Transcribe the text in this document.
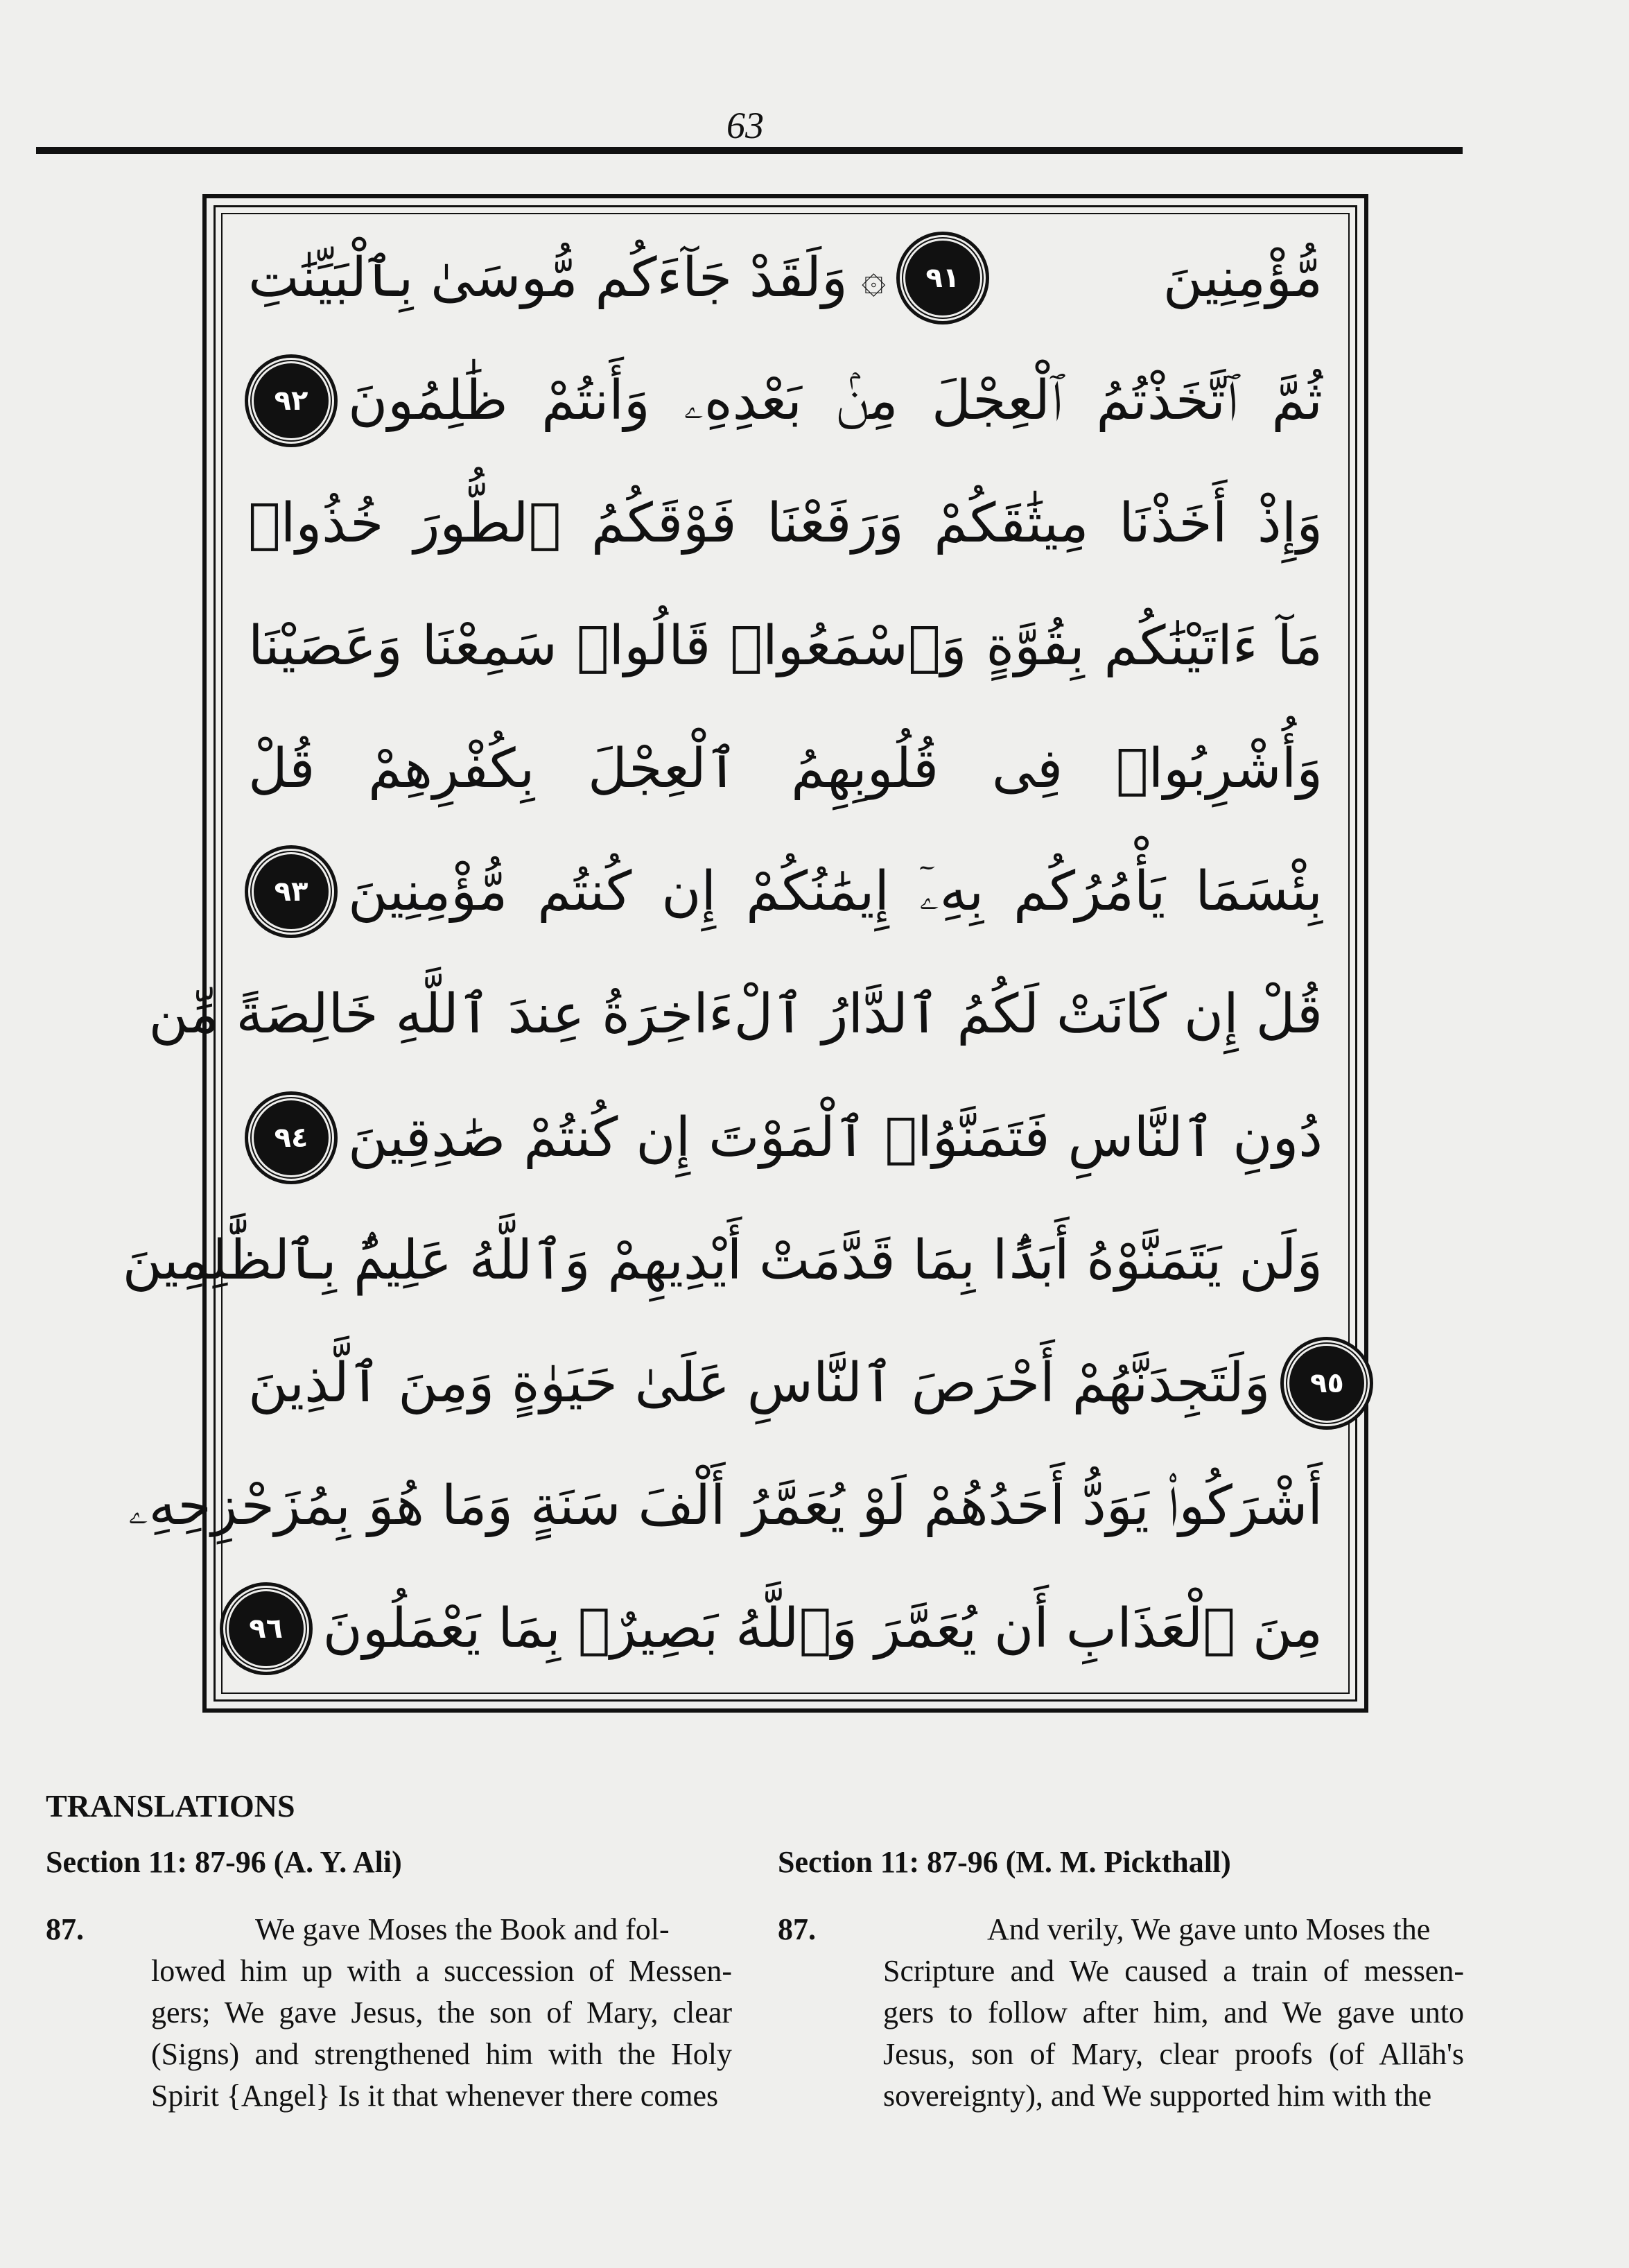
63
مُّؤْمِنِينَ
٩١
۞
وَلَقَدْ جَآءَكُم مُّوسَىٰ بِٱلْبَيِّنَٰتِ
ثُمَّ ٱتَّخَذْتُمُ ٱلْعِجْلَ مِنۢ بَعْدِهِۦ وَأَنتُمْ ظَٰلِمُونَ
٩٢
وَإِذْ أَخَذْنَا مِيثَٰقَكُمْ وَرَفَعْنَا فَوْقَكُمُ ٱلطُّورَ خُذُوا۟
مَآ ءَاتَيْنَٰكُم بِقُوَّةٍ وَٱسْمَعُوا۟ قَالُوا۟ سَمِعْنَا وَعَصَيْنَا
وَأُشْرِبُوا۟ فِى قُلُوبِهِمُ ٱلْعِجْلَ بِكُفْرِهِمْ قُلْ
بِئْسَمَا يَأْمُرُكُم بِهِۦٓ إِيمَٰنُكُمْ إِن كُنتُم مُّؤْمِنِينَ
٩٣
قُلْ إِن كَانَتْ لَكُمُ ٱلدَّارُ ٱلْءَاخِرَةُ عِندَ ٱللَّهِ خَالِصَةً مِّن
دُونِ ٱلنَّاسِ فَتَمَنَّوُا۟ ٱلْمَوْتَ إِن كُنتُمْ صَٰدِقِينَ
٩٤
وَلَن يَتَمَنَّوْهُ أَبَدًۢا بِمَا قَدَّمَتْ أَيْدِيهِمْ وَٱللَّهُ عَلِيمٌۢ بِٱلظَّٰلِمِينَ
وَلَتَجِدَنَّهُمْ أَحْرَصَ ٱلنَّاسِ عَلَىٰ حَيَوٰةٍ وَمِنَ ٱلَّذِينَ	٩٥
أَشْرَكُوا۟ يَوَدُّ أَحَدُهُمْ لَوْ يُعَمَّرُ أَلْفَ سَنَةٍ وَمَا هُوَ بِمُزَحْزِحِهِۦ
مِنَ ٱلْعَذَابِ أَن يُعَمَّرَ وَٱللَّهُ بَصِيرٌۢ بِمَا يَعْمَلُونَ
٩٦
TRANSLATIONS
Section 11: 87-96 (A. Y. Ali)
87.	We gave Moses the Book and fol-
lowed him up with a succession of Messen- gers; We gave Jesus, the son of Mary, clear (Signs) and strengthened him with the Holy Spirit {Angel} Is it that whenever there comes
Section 11: 87-96 (M. M. Pickthall)
87.	And verily, We gave unto Moses the
Scripture and We caused a train of messen- gers to follow after him, and We gave unto Jesus, son of Mary, clear proofs (of Allāh's sovereignty), and We supported him with the
